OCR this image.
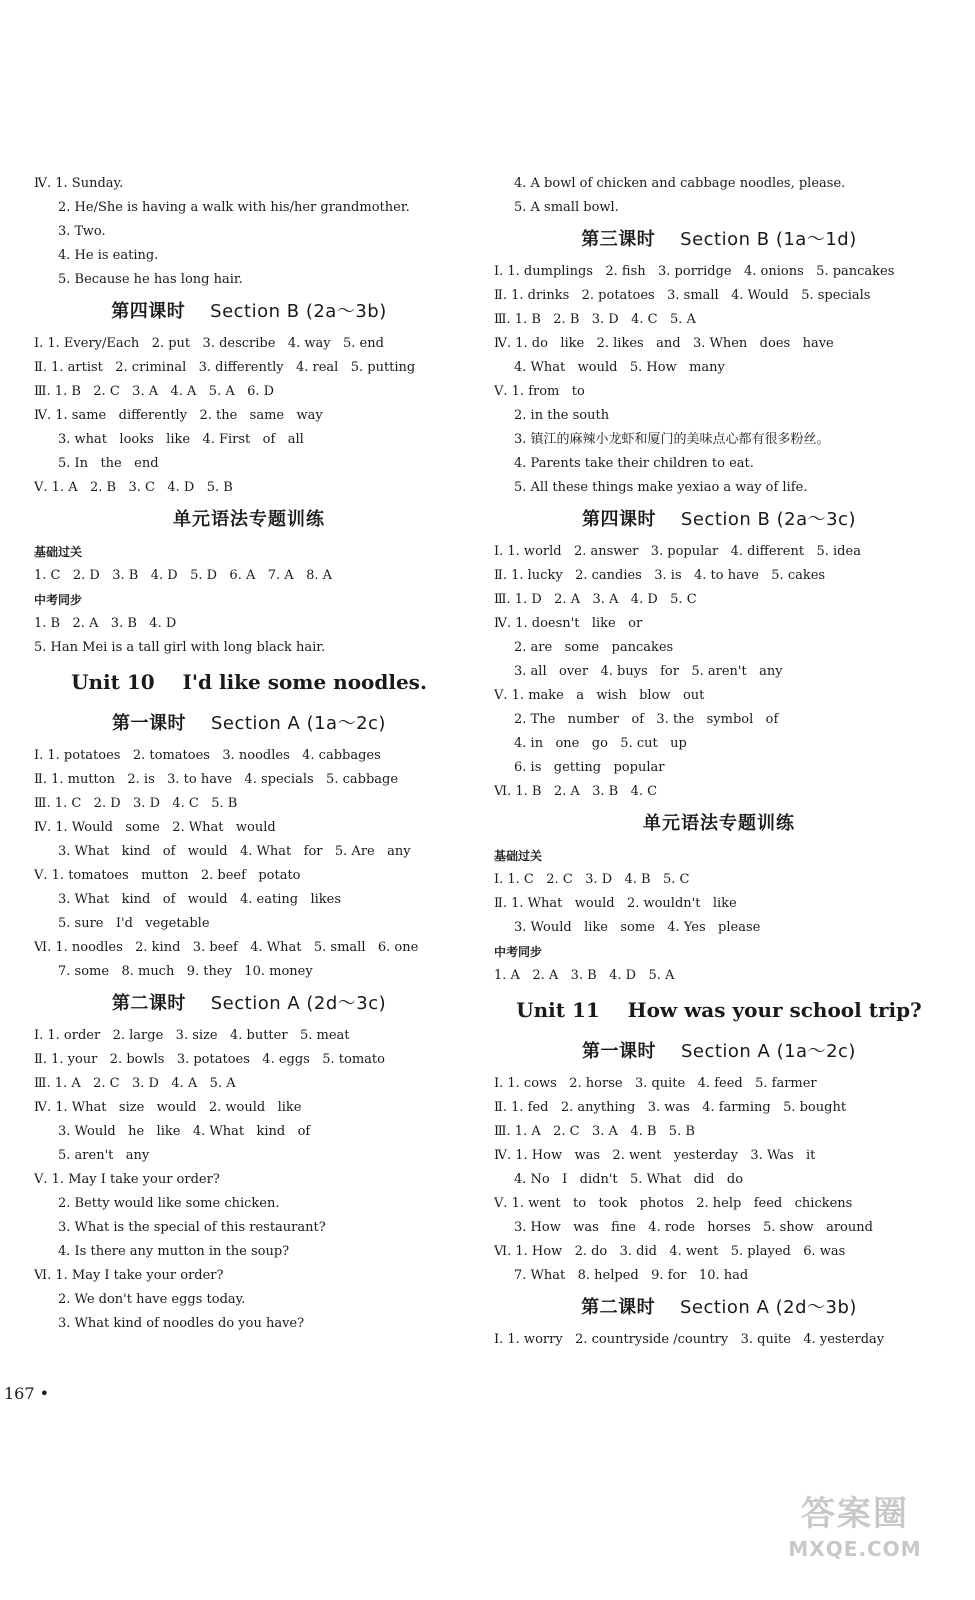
Ⅳ. 1. Sunday.
2. He/She is having a walk with his/her grandmother.
3. Two.
4. He is eating.
5. Because he has long hair.
第四课时 Section B (2a～3b)
Ⅰ. 1. Every/Each   2. put   3. describe   4. way   5. end
Ⅱ. 1. artist   2. criminal   3. differently   4. real   5. putting
Ⅲ. 1. B   2. C   3. A   4. A   5. A   6. D
Ⅳ. 1. same   differently   2. the   same   way
3. what   looks   like   4. First   of   all
5. In   the   end
Ⅴ. 1. A   2. B   3. C   4. D   5. B
单元语法专题训练
基础过关
1. C   2. D   3. B   4. D   5. D   6. A   7. A   8. A
中考同步
1. B   2. A   3. B   4. D
5. Han Mei is a tall girl with long black hair.
Unit 10    I'd like some noodles.
第一课时 Section A (1a～2c)
Ⅰ. 1. potatoes   2. tomatoes   3. noodles   4. cabbages
Ⅱ. 1. mutton   2. is   3. to have   4. specials   5. cabbage
Ⅲ. 1. C   2. D   3. D   4. C   5. B
Ⅳ. 1. Would   some   2. What   would
3. What   kind   of   would   4. What   for   5. Are   any
Ⅴ. 1. tomatoes   mutton   2. beef   potato
3. What   kind   of   would   4. eating   likes
5. sure   I'd   vegetable
Ⅵ. 1. noodles   2. kind   3. beef   4. What   5. small   6. one
7. some   8. much   9. they   10. money
第二课时 Section A (2d～3c)
Ⅰ. 1. order   2. large   3. size   4. butter   5. meat
Ⅱ. 1. your   2. bowls   3. potatoes   4. eggs   5. tomato
Ⅲ. 1. A   2. C   3. D   4. A   5. A
Ⅳ. 1. What   size   would   2. would   like
3. Would   he   like   4. What   kind   of
5. aren't   any
Ⅴ. 1. May I take your order?
2. Betty would like some chicken.
3. What is the special of this restaurant?
4. Is there any mutton in the soup?
Ⅵ. 1. May I take your order?
2. We don't have eggs today.
3. What kind of noodles do you have?
4. A bowl of chicken and cabbage noodles, please.
5. A small bowl.
第三课时 Section B (1a～1d)
Ⅰ. 1. dumplings   2. fish   3. porridge   4. onions   5. pancakes
Ⅱ. 1. drinks   2. potatoes   3. small   4. Would   5. specials
Ⅲ. 1. B   2. B   3. D   4. C   5. A
Ⅳ. 1. do   like   2. likes   and   3. When   does   have
4. What   would   5. How   many
Ⅴ. 1. from   to
2. in the south
3. 镇江的麻辣小龙虾和厦门的美味点心都有很多粉丝。
4. Parents take their children to eat.
5. All these things make yexiao a way of life.
第四课时 Section B (2a～3c)
Ⅰ. 1. world   2. answer   3. popular   4. different   5. idea
Ⅱ. 1. lucky   2. candies   3. is   4. to have   5. cakes
Ⅲ. 1. D   2. A   3. A   4. D   5. C
Ⅳ. 1. doesn't   like   or
2. are   some   pancakes
3. all   over   4. buys   for   5. aren't   any
Ⅴ. 1. make   a   wish   blow   out
2. The   number   of   3. the   symbol   of
4. in   one   go   5. cut   up
6. is   getting   popular
Ⅵ. 1. B   2. A   3. B   4. C
单元语法专题训练
基础过关
Ⅰ. 1. C   2. C   3. D   4. B   5. C
Ⅱ. 1. What   would   2. wouldn't   like
3. Would   like   some   4. Yes   please
中考同步
1. A   2. A   3. B   4. D   5. A
Unit 11    How was your school trip?
第一课时 Section A (1a～2c)
Ⅰ. 1. cows   2. horse   3. quite   4. feed   5. farmer
Ⅱ. 1. fed   2. anything   3. was   4. farming   5. bought
Ⅲ. 1. A   2. C   3. A   4. B   5. B
Ⅳ. 1. How   was   2. went   yesterday   3. Was   it
4. No   I   didn't   5. What   did   do
Ⅴ. 1. went   to   took   photos   2. help   feed   chickens
3. How   was   fine   4. rode   horses   5. show   around
Ⅵ. 1. How   2. do   3. did   4. went   5. played   6. was
7. What   8. helped   9. for   10. had
第二课时 Section A (2d～3b)
Ⅰ. 1. worry   2. countryside /country   3. quite   4. yesterday
167 •
答案圈
MXQE.COM
